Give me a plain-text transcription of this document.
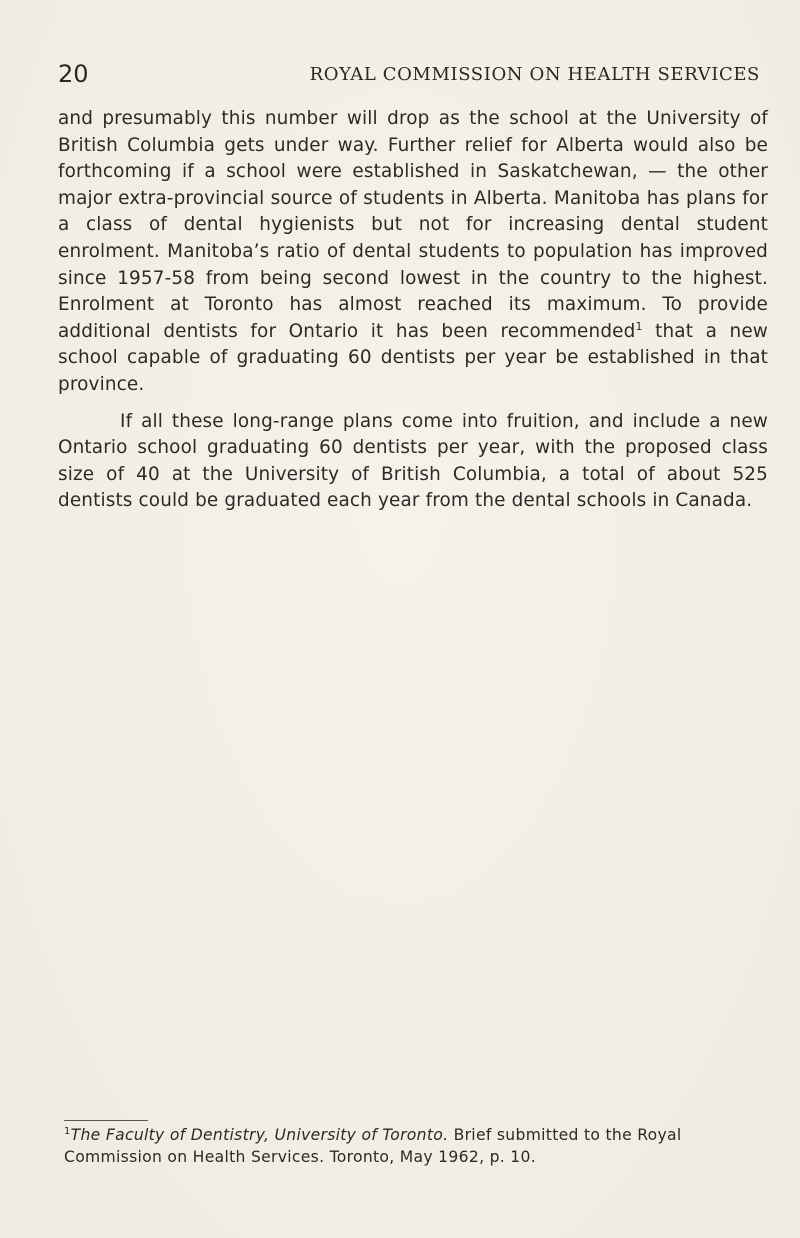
20	ROYAL COMMISSION ON HEALTH SERVICES

and presumably this number will drop as the school at the University of British Columbia gets under way. Further relief for Alberta would also be forthcoming if a school were established in Saskatchewan, — the other major extra-provincial source of students in Alberta. Manitoba has plans for a class of dental hygienists but not for increasing dental student enrolment. Manitoba’s ratio of dental students to population has improved since 1957-58 from being second lowest in the country to the highest. Enrolment at Toronto has almost reached its maximum. To provide additional dentists for Ontario it has been recommended$^1$ that a new school capable of graduating 60 dentists per year be established in that province.

If all these long-range plans come into fruition, and include a new Ontario school graduating 60 dentists per year, with the proposed class size of 40 at the University of British Columbia, a total of about 525 dentists could be graduated each year from the dental schools in Canada.

$^1$The Faculty of Dentistry, University of Toronto. Brief submitted to the Royal Commission on Health Services. Toronto, May 1962, p. 10.
